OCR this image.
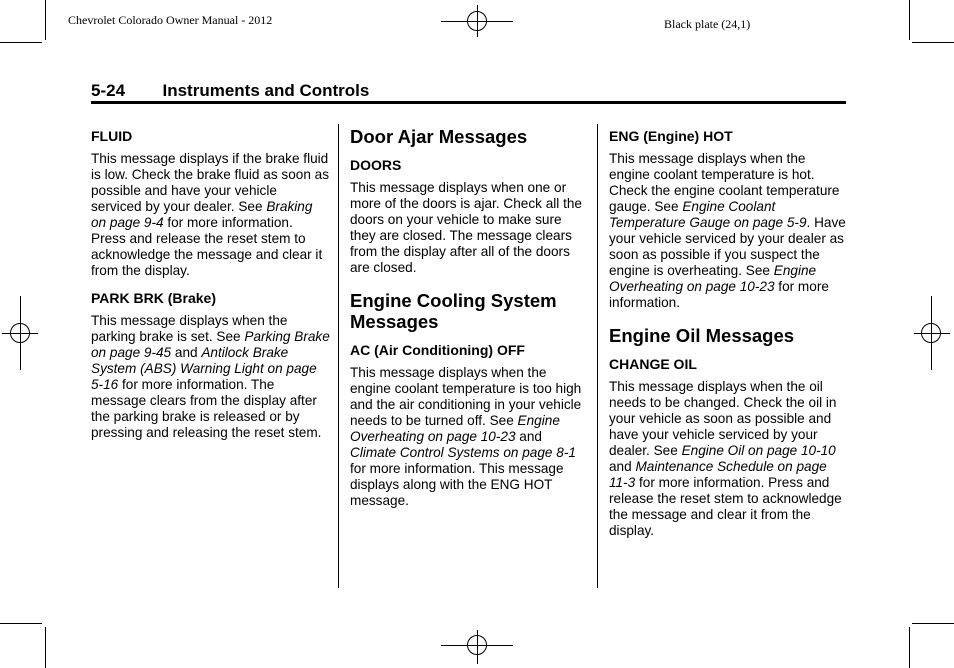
Chevrolet Colorado Owner Manual - 2012	Black plate (24,1)
5-24 Instruments and Controls
FLUID
This message displays if the brake fluid is low. Check the brake fluid as soon as possible and have your vehicle serviced by your dealer. See Braking on page 9-4 for more information. Press and release the reset stem to acknowledge the message and clear it from the display.
PARK BRK (Brake)
This message displays when the parking brake is set. See Parking Brake on page 9-45 and Antilock Brake System (ABS) Warning Light on page 5-16 for more information. The message clears from the display after the parking brake is released or by pressing and releasing the reset stem.
Door Ajar Messages
DOORS
This message displays when one or more of the doors is ajar. Check all the doors on your vehicle to make sure they are closed. The message clears from the display after all of the doors are closed.
Engine Cooling System Messages
AC (Air Conditioning) OFF
This message displays when the engine coolant temperature is too high and the air conditioning in your vehicle needs to be turned off. See Engine Overheating on page 10-23 and Climate Control Systems on page 8-1 for more information. This message displays along with the ENG HOT message.
ENG (Engine) HOT
This message displays when the engine coolant temperature is hot. Check the engine coolant temperature gauge. See Engine Coolant Temperature Gauge on page 5-9. Have your vehicle serviced by your dealer as soon as possible if you suspect the engine is overheating. See Engine Overheating on page 10-23 for more information.
Engine Oil Messages
CHANGE OIL
This message displays when the oil needs to be changed. Check the oil in your vehicle as soon as possible and have your vehicle serviced by your dealer. See Engine Oil on page 10-10 and Maintenance Schedule on page 11-3 for more information. Press and release the reset stem to acknowledge the message and clear it from the display.
